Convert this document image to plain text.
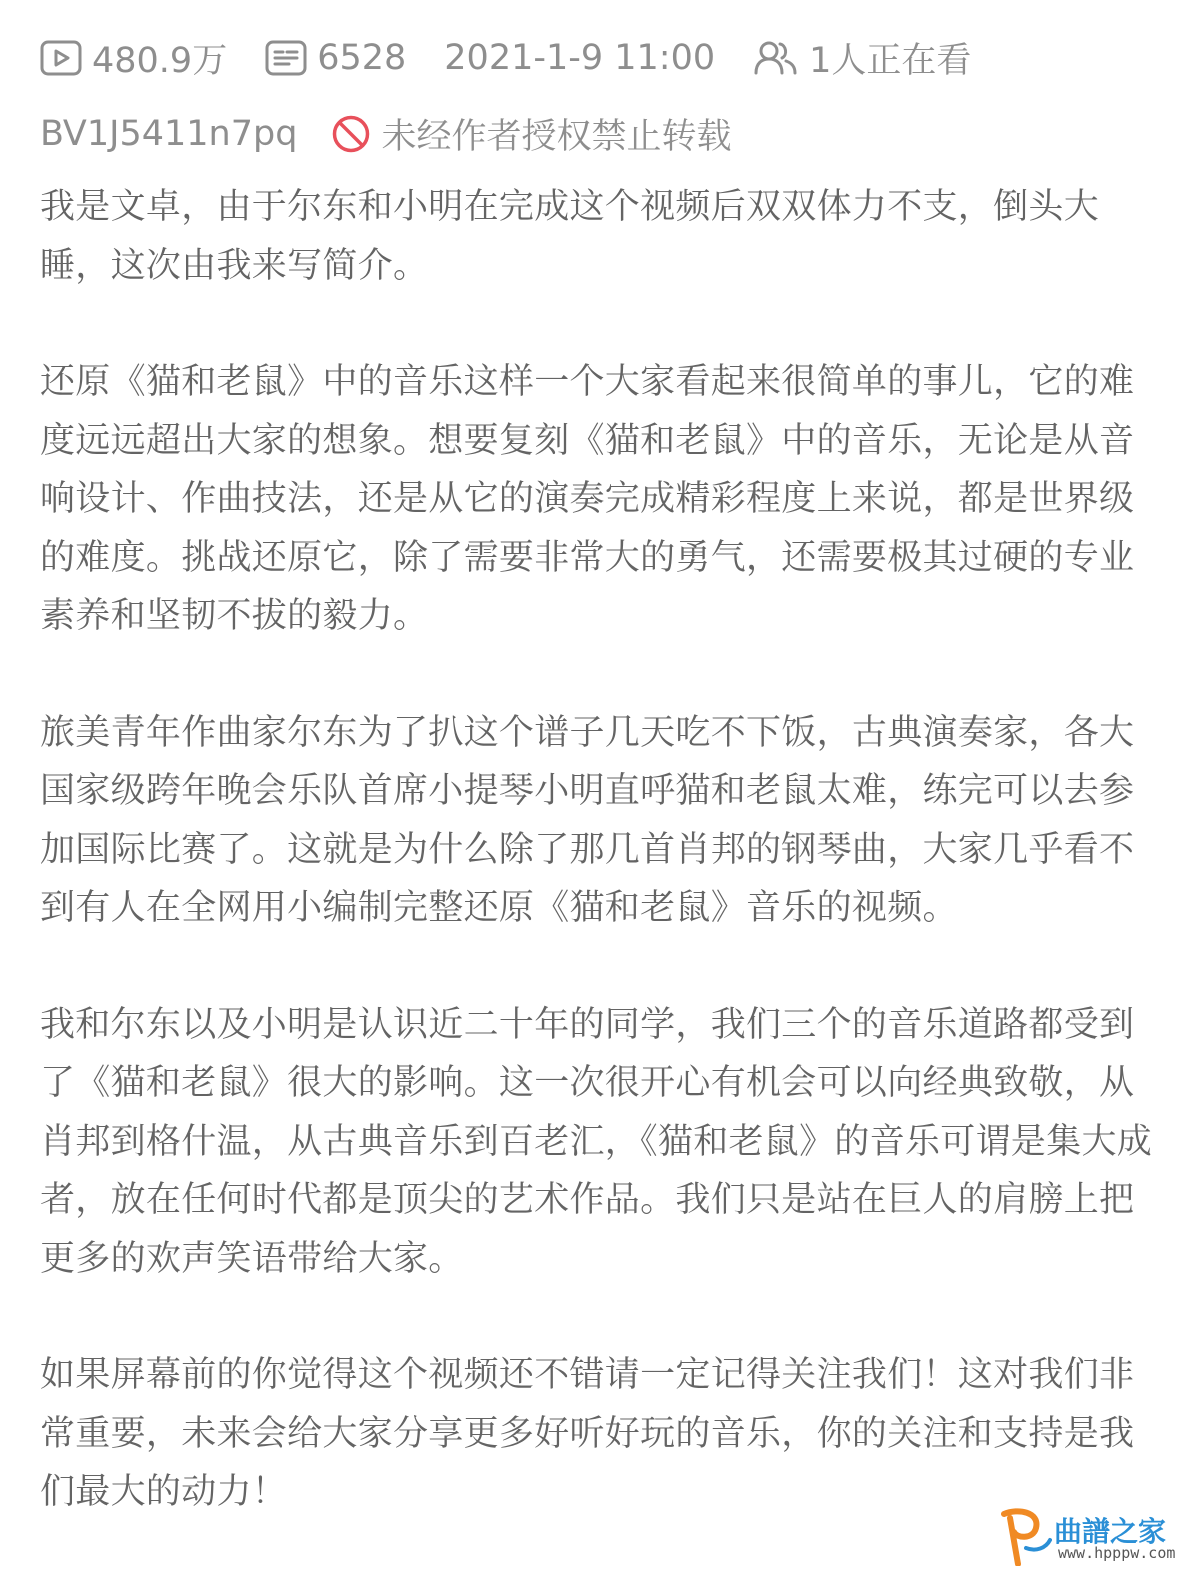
480.9万	6528 2021-1-9 11:00	1人正在看
BV1J5411n7pq 未经作者授权禁止转载

我是文卓，由于尔东和小明在完成这个视频后双双体力不支，倒头大睡，这次由我来写简介。

还原《猫和老鼠》中的音乐这样一个大家看起来很简单的事儿，它的难度远远超出大家的想象。想要复刻《猫和老鼠》中的音乐，无论是从音响设计、作曲技法，还是从它的演奏完成精彩程度上来说，都是世界级的难度。挑战还原它，除了需要非常大的勇气，还需要极其过硬的专业素养和坚韧不拔的毅力。

旅美青年作曲家尔东为了扒这个谱子几天吃不下饭，古典演奏家，各大国家级跨年晚会乐队首席小提琴小明直呼猫和老鼠太难，练完可以去参加国际比赛了。这就是为什么除了那几首肖邦的钢琴曲，大家几乎看不到有人在全网用小编制完整还原《猫和老鼠》音乐的视频。

我和尔东以及小明是认识近二十年的同学，我们三个的音乐道路都受到了《猫和老鼠》很大的影响。这一次很开心有机会可以向经典致敬，从肖邦到格什温，从古典音乐到百老汇，《猫和老鼠》的音乐可谓是集大成者，放在任何时代都是顶尖的艺术作品。我们只是站在巨人的肩膀上把更多的欢声笑语带给大家。

如果屏幕前的你觉得这个视频还不错请一定记得关注我们！这对我们非常重要，未来会给大家分享更多好听好玩的音乐，你的关注和支持是我们最大的动力！

曲譜之家
www.hpppw.com
